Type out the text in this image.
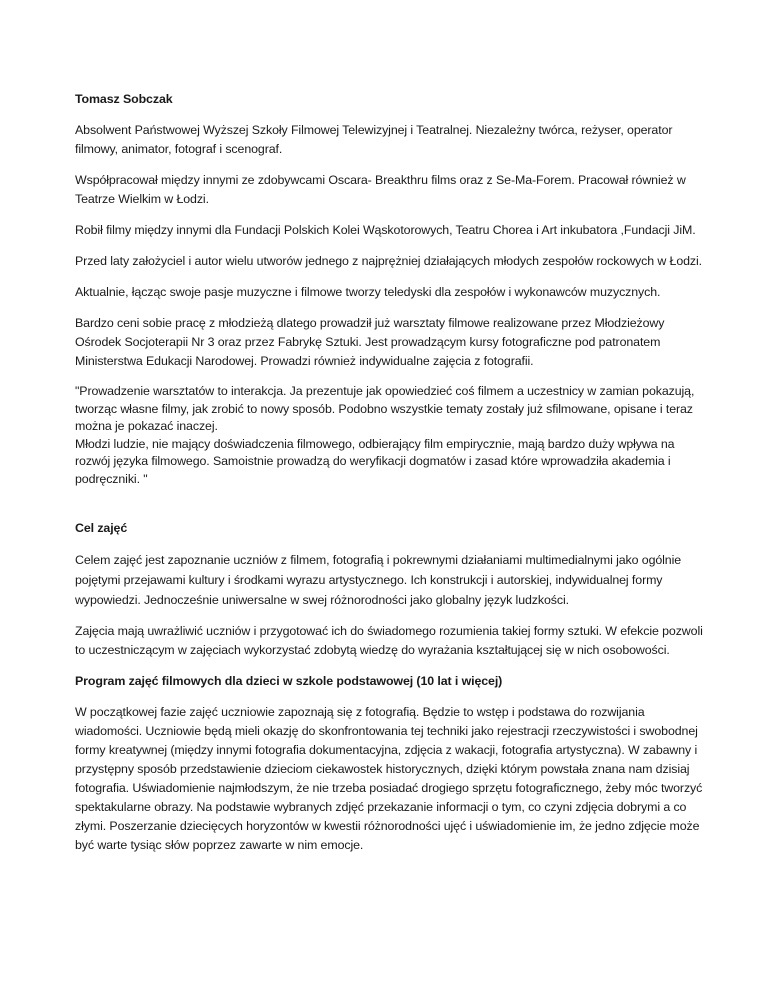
Tomasz Sobczak

Absolwent Państwowej Wyższej Szkoły Filmowej Telewizyjnej i Teatralnej. Niezależny twórca, reżyser, operator filmowy, animator, fotograf i scenograf.

Współpracował między innymi ze zdobywcami Oscara- Breakthru films oraz z Se-Ma-Forem. Pracował również w Teatrze Wielkim w Łodzi.

Robił filmy między innymi dla Fundacji Polskich Kolei Wąskotorowych, Teatru Chorea i Art inkubatora ,Fundacji JiM.

Przed laty założyciel i autor wielu utworów jednego z najprężniej działających młodych zespołów rockowych w Łodzi.

Aktualnie, łącząc swoje pasje muzyczne i filmowe tworzy teledyski dla zespołów i wykonawców muzycznych.

Bardzo ceni sobie pracę z młodzieżą dlatego prowadził już warsztaty filmowe realizowane przez Młodzieżowy Ośrodek Socjoterapii Nr 3 oraz przez Fabrykę Sztuki. Jest prowadzącym kursy fotograficzne pod patronatem Ministerstwa Edukacji Narodowej. Prowadzi również indywidualne zajęcia z fotografii.

"Prowadzenie warsztatów to interakcja. Ja prezentuje jak opowiedzieć coś filmem a uczestnicy w zamian pokazują, tworząc własne filmy, jak zrobić to nowy sposób. Podobno wszystkie tematy zostały już sfilmowane, opisane i teraz można je pokazać inaczej.
Młodzi ludzie, nie mający doświadczenia filmowego, odbierający film empirycznie, mają bardzo duży wpływa na rozwój języka filmowego. Samoistnie prowadzą do weryfikacji dogmatów i zasad które wprowadziła akademia i podręczniki. "

Cel zajęć

Celem zajęć jest zapoznanie uczniów z filmem, fotografią i pokrewnymi działaniami multimedialnymi jako ogólnie pojętymi przejawami kultury i środkami wyrazu artystycznego. Ich konstrukcji i autorskiej, indywidualnej formy wypowiedzi. Jednocześnie uniwersalne w swej różnorodności jako globalny język ludzkości.

Zajęcia mają uwrażliwić uczniów i przygotować ich do świadomego rozumienia takiej formy sztuki. W efekcie pozwoli to uczestniczącym w zajęciach wykorzystać zdobytą wiedzę do wyrażania kształtującej się w nich osobowości.

Program zajęć filmowych dla dzieci w szkole podstawowej (10 lat i więcej)

W początkowej fazie zajęć uczniowie zapoznają się z fotografią. Będzie to wstęp i podstawa do rozwijania wiadomości. Uczniowie będą mieli okazję do skonfrontowania tej techniki jako rejestracji rzeczywistości i swobodnej formy kreatywnej (między innymi fotografia dokumentacyjna, zdjęcia z wakacji, fotografia artystyczna). W zabawny i przystępny sposób przedstawienie dzieciom ciekawostek historycznych, dzięki którym powstała znana nam dzisiaj fotografia. Uświadomienie najmłodszym, że nie trzeba posiadać drogiego sprzętu fotograficznego, żeby móc tworzyć spektakularne obrazy. Na podstawie wybranych zdjęć przekazanie informacji o tym, co czyni zdjęcia dobrymi a co złymi. Poszerzanie dziecięcych horyzontów w kwestii różnorodności ujęć i uświadomienie im, że jedno zdjęcie może być warte tysiąc słów poprzez zawarte w nim emocje.
